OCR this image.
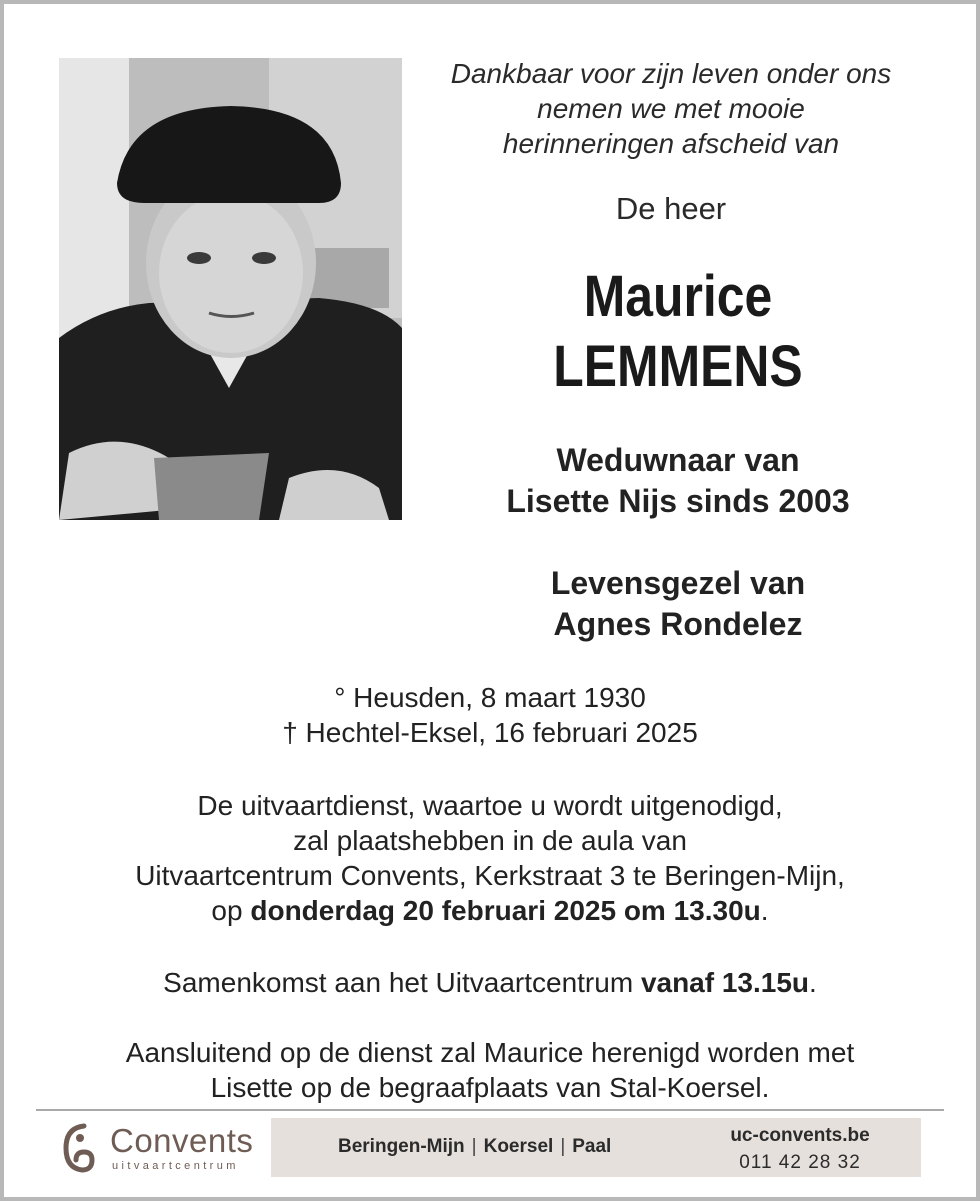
Dankbaar voor zijn leven onder ons
nemen we met mooie
herinneringen afscheid van
De heer
Maurice
LEMMENS
Weduwnaar van
Lisette Nijs sinds 2003
Levensgezel van
Agnes Rondelez
° Heusden, 8 maart 1930
† Hechtel-Eksel, 16 februari 2025
De uitvaartdienst, waartoe u wordt uitgenodigd,
zal plaatshebben in de aula van
Uitvaartcentrum Convents, Kerkstraat 3 te Beringen-Mijn,
op donderdag 20 februari 2025 om 13.30u.
Samenkomst aan het Uitvaartcentrum vanaf 13.15u.
Aansluitend op de dienst zal Maurice herenigd worden met
Lisette op de begraafplaats van Stal-Koersel.
Convents
uitvaartcentrum
Beringen-Mijn | Koersel | Paal
uc-convents.be
011 42 28 32
